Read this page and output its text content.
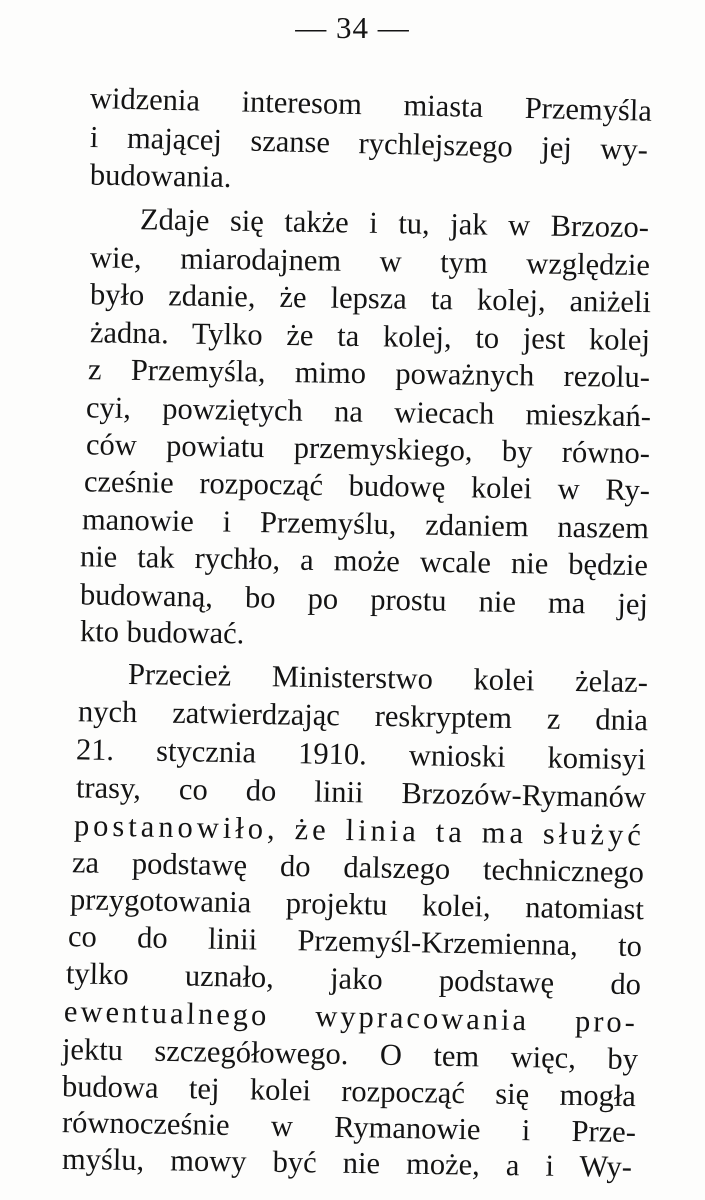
— 34 —
widzenia interesom miasta Przemyśla
i mającej szanse rychlejszego jej wy-
budowania.
Zdaje się także i tu, jak w Brzozo-
wie, miarodajnem w tym względzie
było zdanie, że lepsza ta kolej, aniżeli
żadna. Tylko że ta kolej, to jest kolej
z Przemyśla, mimo poważnych rezolu-
cyi, powziętych na wiecach mieszkań-
ców powiatu przemyskiego, by równo-
cześnie rozpocząć budowę kolei w Ry-
manowie i Przemyślu, zdaniem naszem
nie tak rychło, a może wcale nie będzie
budowaną, bo po prostu nie ma jej
kto budować.
Przecież Ministerstwo kolei żelaz-
nych zatwierdzając reskryptem z dnia
21. stycznia 1910. wnioski komisyi
trasy, co do linii Brzozów-Rymanów
postanowiło, że linia ta ma służyć
za podstawę do dalszego technicznego
przygotowania projektu kolei, natomiast
co do linii Przemyśl-Krzemienna, to
tylko uznało, jako podstawę do
ewentualnego wypracowania pro-
jektu szczegółowego. O tem więc, by
budowa tej kolei rozpocząć się mogła
równocześnie w Rymanowie i Prze-
myślu, mowy być nie może, a i Wy-
